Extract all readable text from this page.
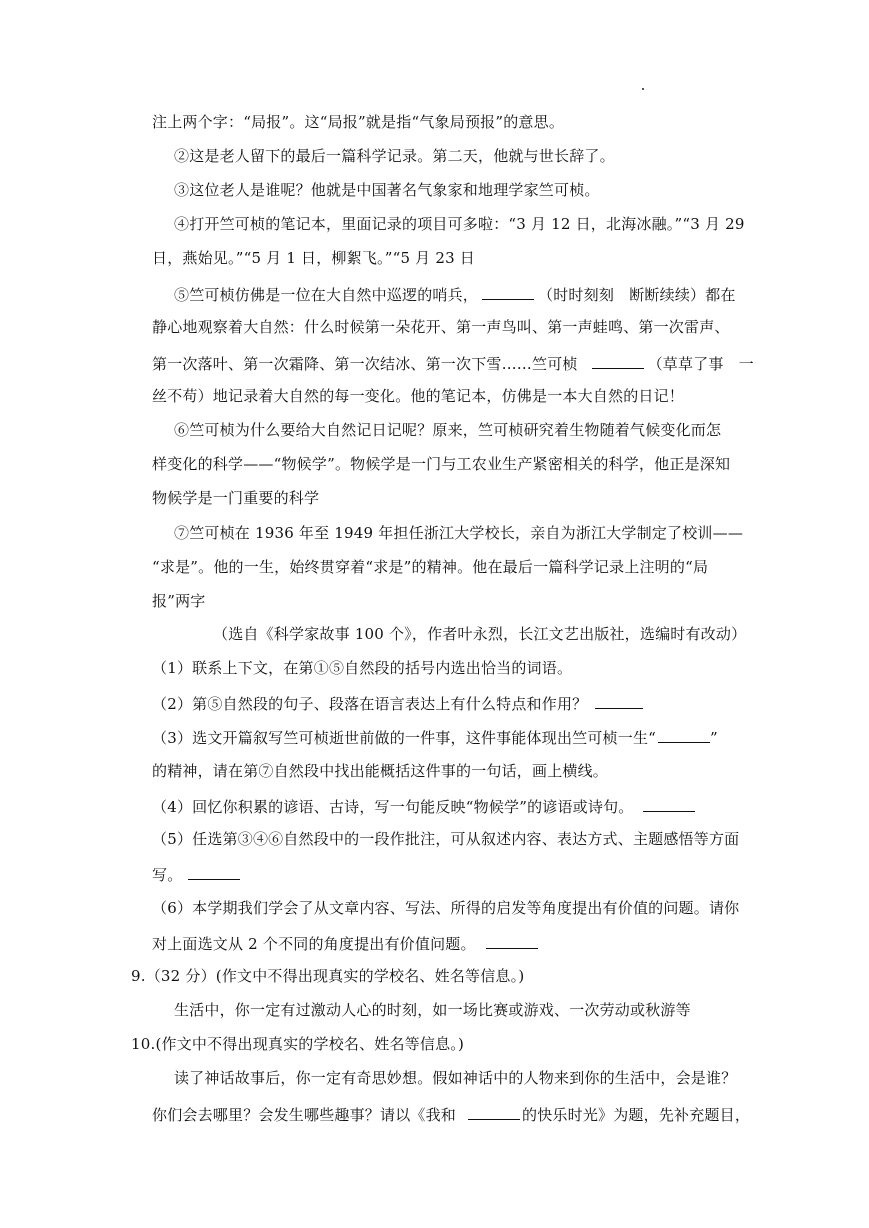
注上两个字：“局报”。这“局报”就是指“气象局预报”的意思。
②这是老人留下的最后一篇科学记录。第二天，他就与世长辞了。
③这位老人是谁呢？他就是中国著名气象家和地理学家竺可桢。
④打开竺可桢的笔记本，里面记录的项目可多啦：“3 月 12 日，北海冰融。”“3 月 29
日，燕始见。”“5 月 1 日，柳絮飞。”“5 月 23 日
⑤竺可桢仿佛是一位在大自然中巡逻的哨兵，	（时时刻刻　断断续续）都在
静心地观察着大自然：什么时候第一朵花开、第一声鸟叫、第一声蛙鸣、第一次雷声、
第一次落叶、第一次霜降、第一次结冰、第一次下雪……竺可桢	（草草了事　一
丝不苟）地记录着大自然的每一变化。他的笔记本，仿佛是一本大自然的日记！
⑥竺可桢为什么要给大自然记日记呢？原来，竺可桢研究着生物随着气候变化而怎
样变化的科学——“物候学”。物候学是一门与工农业生产紧密相关的科学，他正是深知
物候学是一门重要的科学
⑦竺可桢在 1936 年至 1949 年担任浙江大学校长，亲自为浙江大学制定了校训——
“求是”。他的一生，始终贯穿着“求是”的精神。他在最后一篇科学记录上注明的“局
报”两字
（选自《科学家故事 100 个》，作者叶永烈，长江文艺出版社，选编时有改动）
（1）联系上下文，在第①⑤自然段的括号内选出恰当的词语。
（2）第⑤自然段的句子、段落在语言表达上有什么特点和作用？
（3）选文开篇叙写竺可桢逝世前做的一件事，这件事能体现出竺可桢一生“	”
的精神，请在第⑦自然段中找出能概括这件事的一句话，画上横线。
（4）回忆你积累的谚语、古诗，写一句能反映“物候学”的谚语或诗句。
（5）任选第③④⑥自然段中的一段作批注，可从叙述内容、表达方式、主题感悟等方面
写。
（6）本学期我们学会了从文章内容、写法、所得的启发等角度提出有价值的问题。请你
对上面选文从 2 个不同的角度提出有价值问题。
9.（32 分）(作文中不得出现真实的学校名、姓名等信息。)
生活中，你一定有过激动人心的时刻，如一场比赛或游戏、一次劳动或秋游等
10.(作文中不得出现真实的学校名、姓名等信息。)
读了神话故事后，你一定有奇思妙想。假如神话中的人物来到你的生活中，会是谁？
你们会去哪里？会发生哪些趣事？请以《我和	的快乐时光》为题，先补充题目，
